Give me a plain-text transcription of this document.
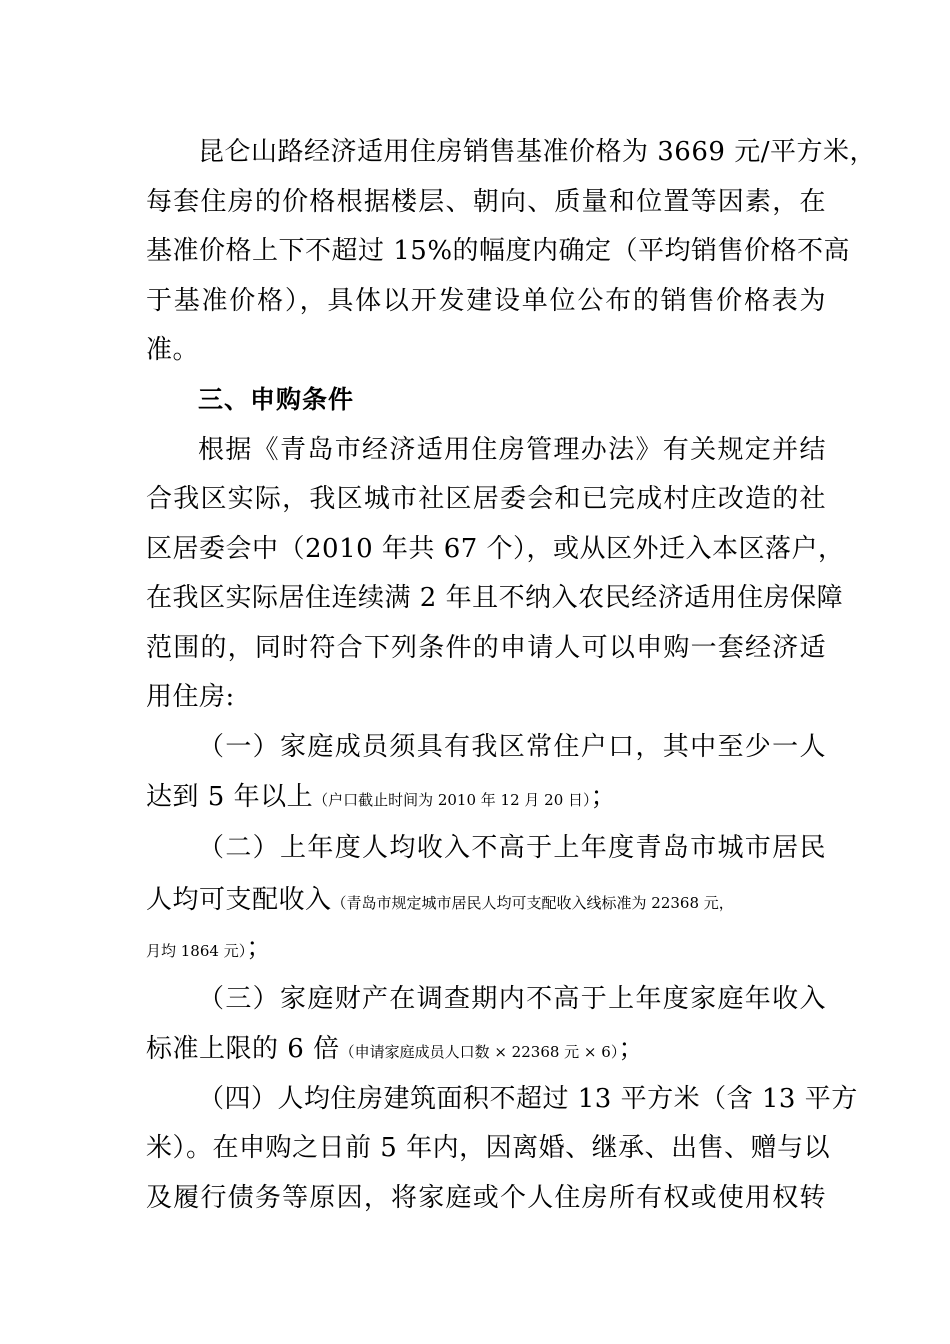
昆仑山路经济适用住房销售基准价格为 3669 元/平方米，
每套住房的价格根据楼层、朝向、质量和位置等因素，在
基准价格上下不超过 15%的幅度内确定（平均销售价格不高
于基准价格），具体以开发建设单位公布的销售价格表为
准。
三、申购条件
根据《青岛市经济适用住房管理办法》有关规定并结
合我区实际，我区城市社区居委会和已完成村庄改造的社
区居委会中（2010 年共 67 个），或从区外迁入本区落户，
在我区实际居住连续满 2 年且不纳入农民经济适用住房保障
范围的，同时符合下列条件的申请人可以申购一套经济适
用住房:
（一）家庭成员须具有我区常住户口，其中至少一人
达到 5 年以上（户口截止时间为 2010 年 12 月 20 日）；
（二）上年度人均收入不高于上年度青岛市城市居民
人均可支配收入（青岛市规定城市居民人均可支配收入线标准为 22368 元，
月均 1864 元）；
（三）家庭财产在调查期内不高于上年度家庭年收入
标准上限的 6 倍（申请家庭成员人口数 × 22368 元 × 6）；
（四）人均住房建筑面积不超过 13 平方米（含 13 平方
米）。在申购之日前 5 年内，因离婚、继承、出售、赠与以
及履行债务等原因，将家庭或个人住房所有权或使用权转
